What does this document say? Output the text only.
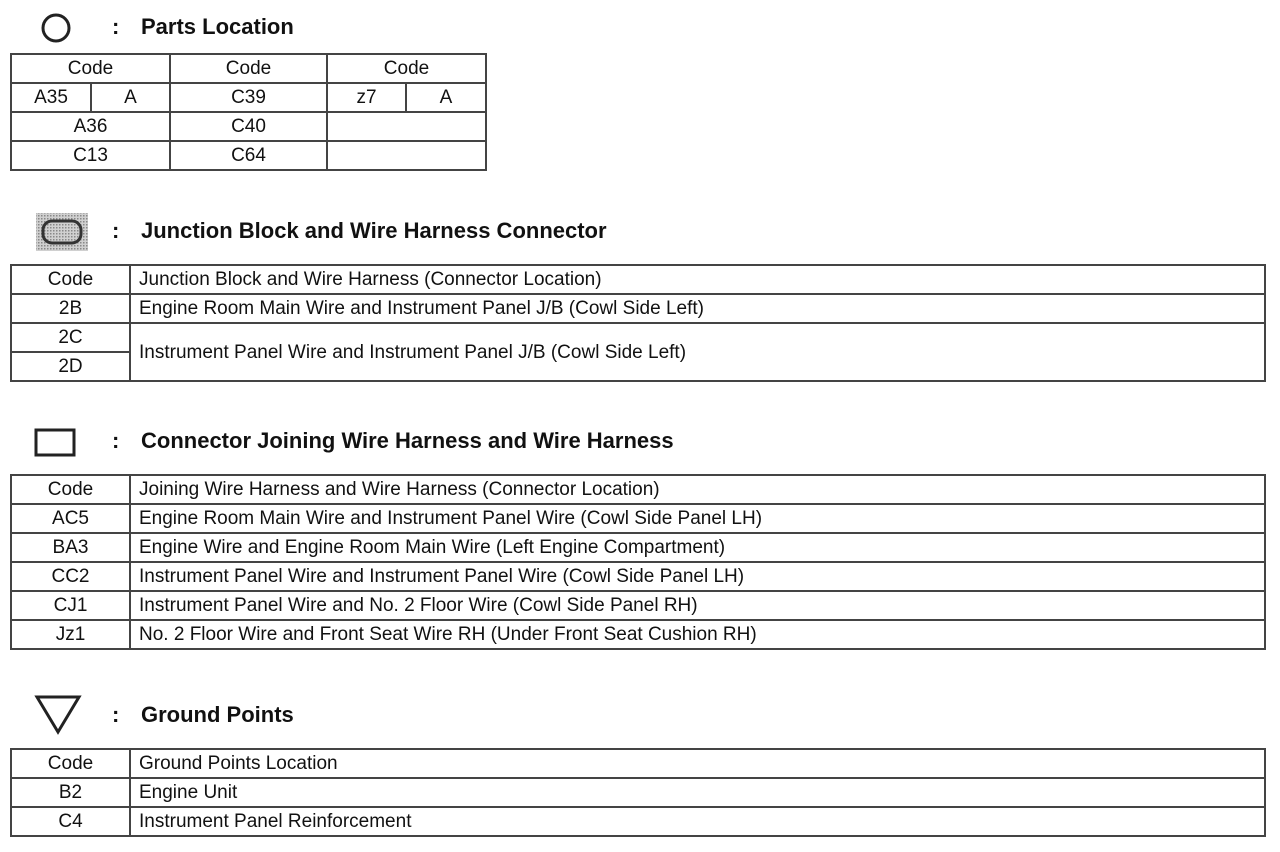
: Parts Location
Code		Code	Code	
A35	A	C39	z7	A
A36		C40		
C13		C64		
: Junction Block and Wire Harness Connector
Code	Junction Block and Wire Harness (Connector Location)
2B	Engine Room Main Wire and Instrument Panel J/B (Cowl Side Left)
2C	Instrument Panel Wire and Instrument Panel J/B (Cowl Side Left)
2D	
: Connector Joining Wire Harness and Wire Harness
Code	Joining Wire Harness and Wire Harness (Connector Location)
AC5	Engine Room Main Wire and Instrument Panel Wire (Cowl Side Panel LH)
BA3	Engine Wire and Engine Room Main Wire (Left Engine Compartment)
CC2	Instrument Panel Wire and Instrument Panel Wire (Cowl Side Panel LH)
CJ1	Instrument Panel Wire and No. 2 Floor Wire (Cowl Side Panel RH)
Jz1	No. 2 Floor Wire and Front Seat Wire RH (Under Front Seat Cushion RH)
: Ground Points
Code	Ground Points Location
B2	Engine Unit
C4	Instrument Panel Reinforcement
